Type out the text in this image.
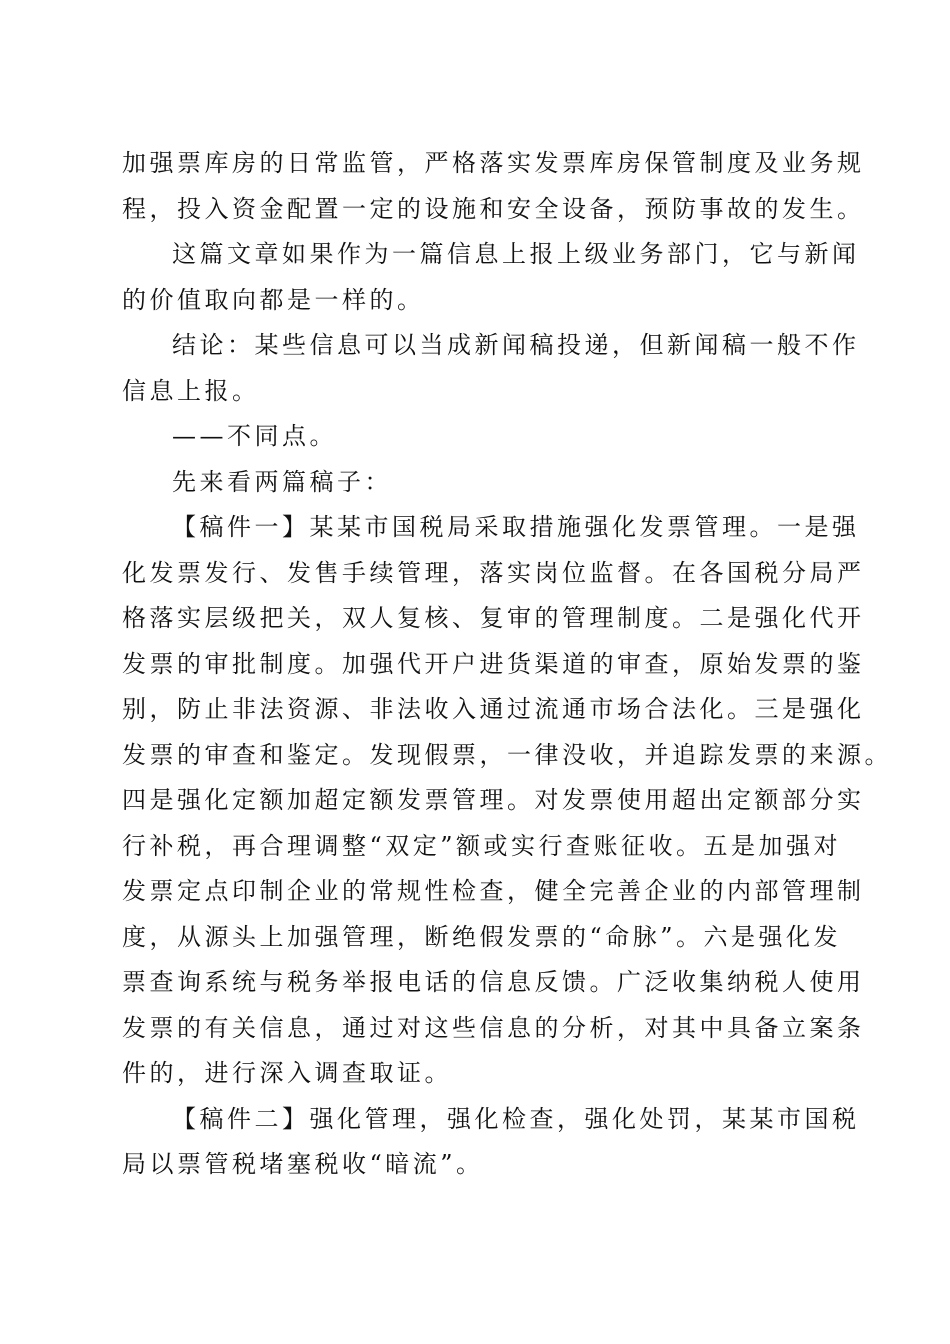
加强票库房的日常监管，严格落实发票库房保管制度及业务规
程，投入资金配置一定的设施和安全设备，预防事故的发生。
这篇文章如果作为一篇信息上报上级业务部门，它与新闻
的价值取向都是一样的。
结论：某些信息可以当成新闻稿投递，但新闻稿一般不作
信息上报。
——不同点。
先来看两篇稿子：
【稿件一】某某市国税局采取措施强化发票管理。一是强
化发票发行、发售手续管理，落实岗位监督。在各国税分局严
格落实层级把关，双人复核、复审的管理制度。二是强化代开
发票的审批制度。加强代开户进货渠道的审查，原始发票的鉴
别，防止非法资源、非法收入通过流通市场合法化。三是强化
发票的审查和鉴定。发现假票，一律没收，并追踪发票的来源。
四是强化定额加超定额发票管理。对发票使用超出定额部分实
行补税，再合理调整“双定”额或实行查账征收。五是加强对
发票定点印制企业的常规性检查，健全完善企业的内部管理制
度，从源头上加强管理，断绝假发票的“命脉”。六是强化发
票查询系统与税务举报电话的信息反馈。广泛收集纳税人使用
发票的有关信息，通过对这些信息的分析，对其中具备立案条
件的，进行深入调查取证。
【稿件二】强化管理，强化检查，强化处罚，某某市国税
局以票管税堵塞税收“暗流”。
